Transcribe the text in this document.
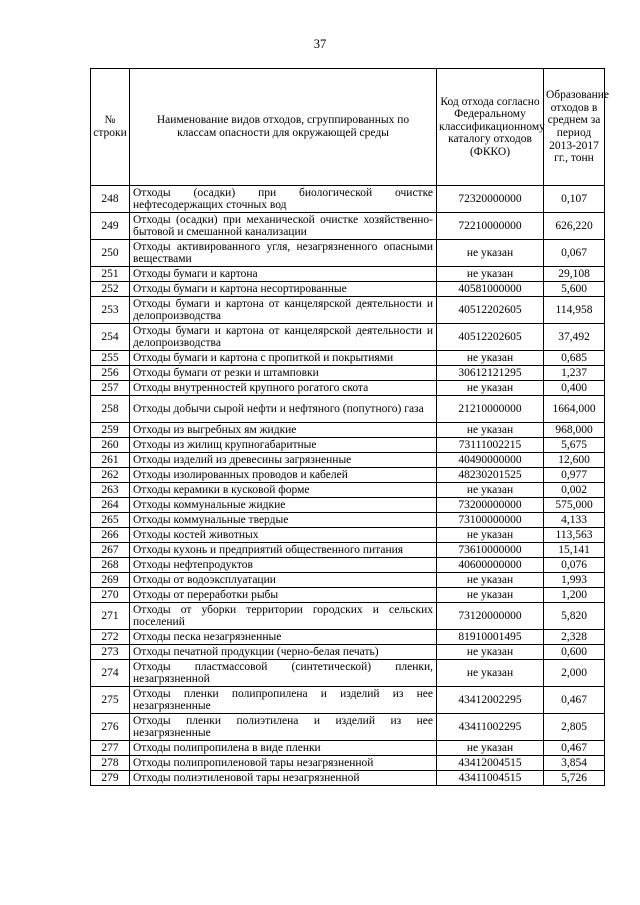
37
№ строки	Наименование видов отходов, сгруппированных по классам опасности для окружающей среды	Код отхода согласно Федеральному классификационному каталогу отходов (ФККО)	Образование отходов в среднем за период 2013-2017 гг., тонн
248	Отходы (осадки) при биологической очистке нефтесодержащих сточных вод	72320000000	0,107
249	Отходы (осадки) при механической очистке хозяйственно-бытовой и смешанной канализации	72210000000	626,220
250	Отходы активированного угля, незагрязненного опасными веществами	не указан	0,067
251	Отходы бумаги и картона	не указан	29,108
252	Отходы бумаги и картона несортированные	40581000000	5,600
253	Отходы бумаги и картона от канцелярской деятельности и делопроизводства	40512202605	114,958
254	Отходы бумаги и картона от канцелярской деятельности и делопроизводства	40512202605	37,492
255	Отходы бумаги и картона с пропиткой и покрытиями	не указан	0,685
256	Отходы бумаги от резки и штамповки	30612121295	1,237
257	Отходы внутренностей крупного рогатого скота	не указан	0,400
258	Отходы добычи сырой нефти и нефтяного (попутного) газа	21210000000	1664,000
259	Отходы из выгребных ям жидкие	не указан	968,000
260	Отходы из жилищ крупногабаритные	73111002215	5,675
261	Отходы изделий из древесины загрязненные	40490000000	12,600
262	Отходы изолированных проводов и кабелей	48230201525	0,977
263	Отходы керамики в кусковой форме	не указан	0,002
264	Отходы коммунальные жидкие	73200000000	575,000
265	Отходы коммунальные твердые	73100000000	4,133
266	Отходы костей животных	не указан	113,563
267	Отходы кухонь и предприятий общественного питания	73610000000	15,141
268	Отходы нефтепродуктов	40600000000	0,076
269	Отходы от водоэксплуатации	не указан	1,993
270	Отходы от переработки рыбы	не указан	1,200
271	Отходы от уборки территории городских и сельских поселений	73120000000	5,820
272	Отходы песка незагрязненные	81910001495	2,328
273	Отходы печатной продукции (черно-белая печать)	не указан	0,600
274	Отходы пластмассовой (синтетической) пленки, незагрязненной	не указан	2,000
275	Отходы пленки полипропилена и изделий из нее незагрязненные	43412002295	0,467
276	Отходы пленки полиэтилена и изделий из нее незагрязненные	43411002295	2,805
277	Отходы полипропилена в виде пленки	не указан	0,467
278	Отходы полипропиленовой тары незагрязненной	43412004515	3,854
279	Отходы полиэтиленовой тары незагрязненной	43411004515	5,726
